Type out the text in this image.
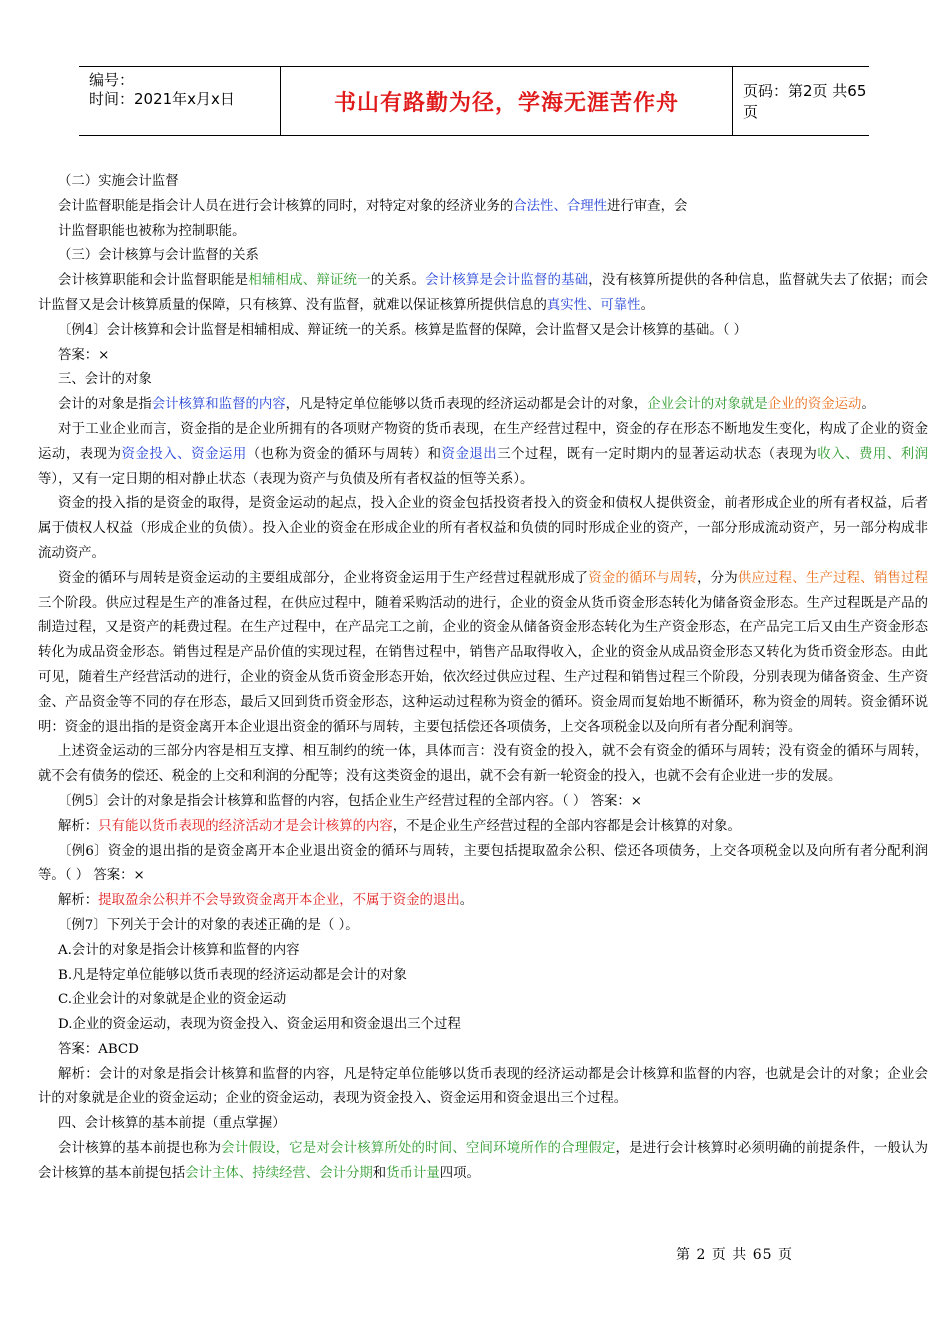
编号：
时间：2021年x月x日	书山有路勤为径，学海无涯苦作舟	页码：第2页 共65页

（二）实施会计监督

会计监督职能是指会计人员在进行会计核算的同时，对特定对象的经济业务的合法性、合理性进行审查，会

计监督职能也被称为控制职能。

（三）会计核算与会计监督的关系

会计核算职能和会计监督职能是相辅相成、辩证统一的关系。会计核算是会计监督的基础，没有核算所提供的各种信息，监督就失去了依据；而会计监督又是会计核算质量的保障，只有核算、没有监督，就难以保证核算所提供信息的真实性、可靠性。

〔例4〕会计核算和会计监督是相辅相成、辩证统一的关系。核算是监督的保障，会计监督又是会计核算的基础。（ ）

答案：×

三、会计的对象

会计的对象是指会计核算和监督的内容，凡是特定单位能够以货币表现的经济运动都是会计的对象，企业会计的对象就是企业的资金运动。

对于工业企业而言，资金指的是企业所拥有的各项财产物资的货币表现，在生产经营过程中，资金的存在形态不断地发生变化，构成了企业的资金运动，表现为资金投入、资金运用（也称为资金的循环与周转）和资金退出三个过程，既有一定时期内的显著运动状态（表现为收入、费用、利润等），又有一定日期的相对静止状态（表现为资产与负债及所有者权益的恒等关系）。

资金的投入指的是资金的取得，是资金运动的起点，投入企业的资金包括投资者投入的资金和债权人提供资金，前者形成企业的所有者权益，后者属于债权人权益（形成企业的负债）。投入企业的资金在形成企业的所有者权益和负债的同时形成企业的资产，一部分形成流动资产，另一部分构成非流动资产。

资金的循环与周转是资金运动的主要组成部分，企业将资金运用于生产经营过程就形成了资金的循环与周转，分为供应过程、生产过程、销售过程三个阶段。供应过程是生产的准备过程，在供应过程中，随着采购活动的进行，企业的资金从货币资金形态转化为储备资金形态。生产过程既是产品的制造过程，又是资产的耗费过程。在生产过程中，在产品完工之前，企业的资金从储备资金形态转化为生产资金形态，在产品完工后又由生产资金形态转化为成品资金形态。销售过程是产品价值的实现过程，在销售过程中，销售产品取得收入，企业的资金从成品资金形态又转化为货币资金形态。由此可见，随着生产经营活动的进行，企业的资金从货币资金形态开始，依次经过供应过程、生产过程和销售过程三个阶段，分别表现为储备资金、生产资金、产品资金等不同的存在形态，最后又回到货币资金形态，这种运动过程称为资金的循环。资金周而复始地不断循环，称为资金的周转。资金循环说明：资金的退出指的是资金离开本企业退出资金的循环与周转，主要包括偿还各项债务，上交各项税金以及向所有者分配利润等。

上述资金运动的三部分内容是相互支撑、相互制约的统一体，具体而言：没有资金的投入，就不会有资金的循环与周转；没有资金的循环与周转，就不会有债务的偿还、税金的上交和利润的分配等；没有这类资金的退出，就不会有新一轮资金的投入，也就不会有企业进一步的发展。

〔例5〕会计的对象是指会计核算和监督的内容，包括企业生产经营过程的全部内容。（ ） 答案：×

解析：只有能以货币表现的经济活动才是会计核算的内容，不是企业生产经营过程的全部内容都是会计核算的对象。

〔例6〕资金的退出指的是资金离开本企业退出资金的循环与周转，主要包括提取盈余公积、偿还各项债务，上交各项税金以及向所有者分配利润等。（ ） 答案：×

解析：提取盈余公积并不会导致资金离开本企业，不属于资金的退出。

〔例7〕下列关于会计的对象的表述正确的是（ ）。

A.会计的对象是指会计核算和监督的内容

B.凡是特定单位能够以货币表现的经济运动都是会计的对象

C.企业会计的对象就是企业的资金运动

D.企业的资金运动，表现为资金投入、资金运用和资金退出三个过程

答案：ABCD

解析：会计的对象是指会计核算和监督的内容，凡是特定单位能够以货币表现的经济运动都是会计核算和监督的内容，也就是会计的对象；企业会计的对象就是企业的资金运动；企业的资金运动，表现为资金投入、资金运用和资金退出三个过程。

四、会计核算的基本前提（重点掌握）

会计核算的基本前提也称为会计假设，它是对会计核算所处的时间、空间环境所作的合理假定，是进行会计核算时必须明确的前提条件，一般认为会计核算的基本前提包括会计主体、持续经营、会计分期和货币计量四项。

第 2 页 共 65 页
